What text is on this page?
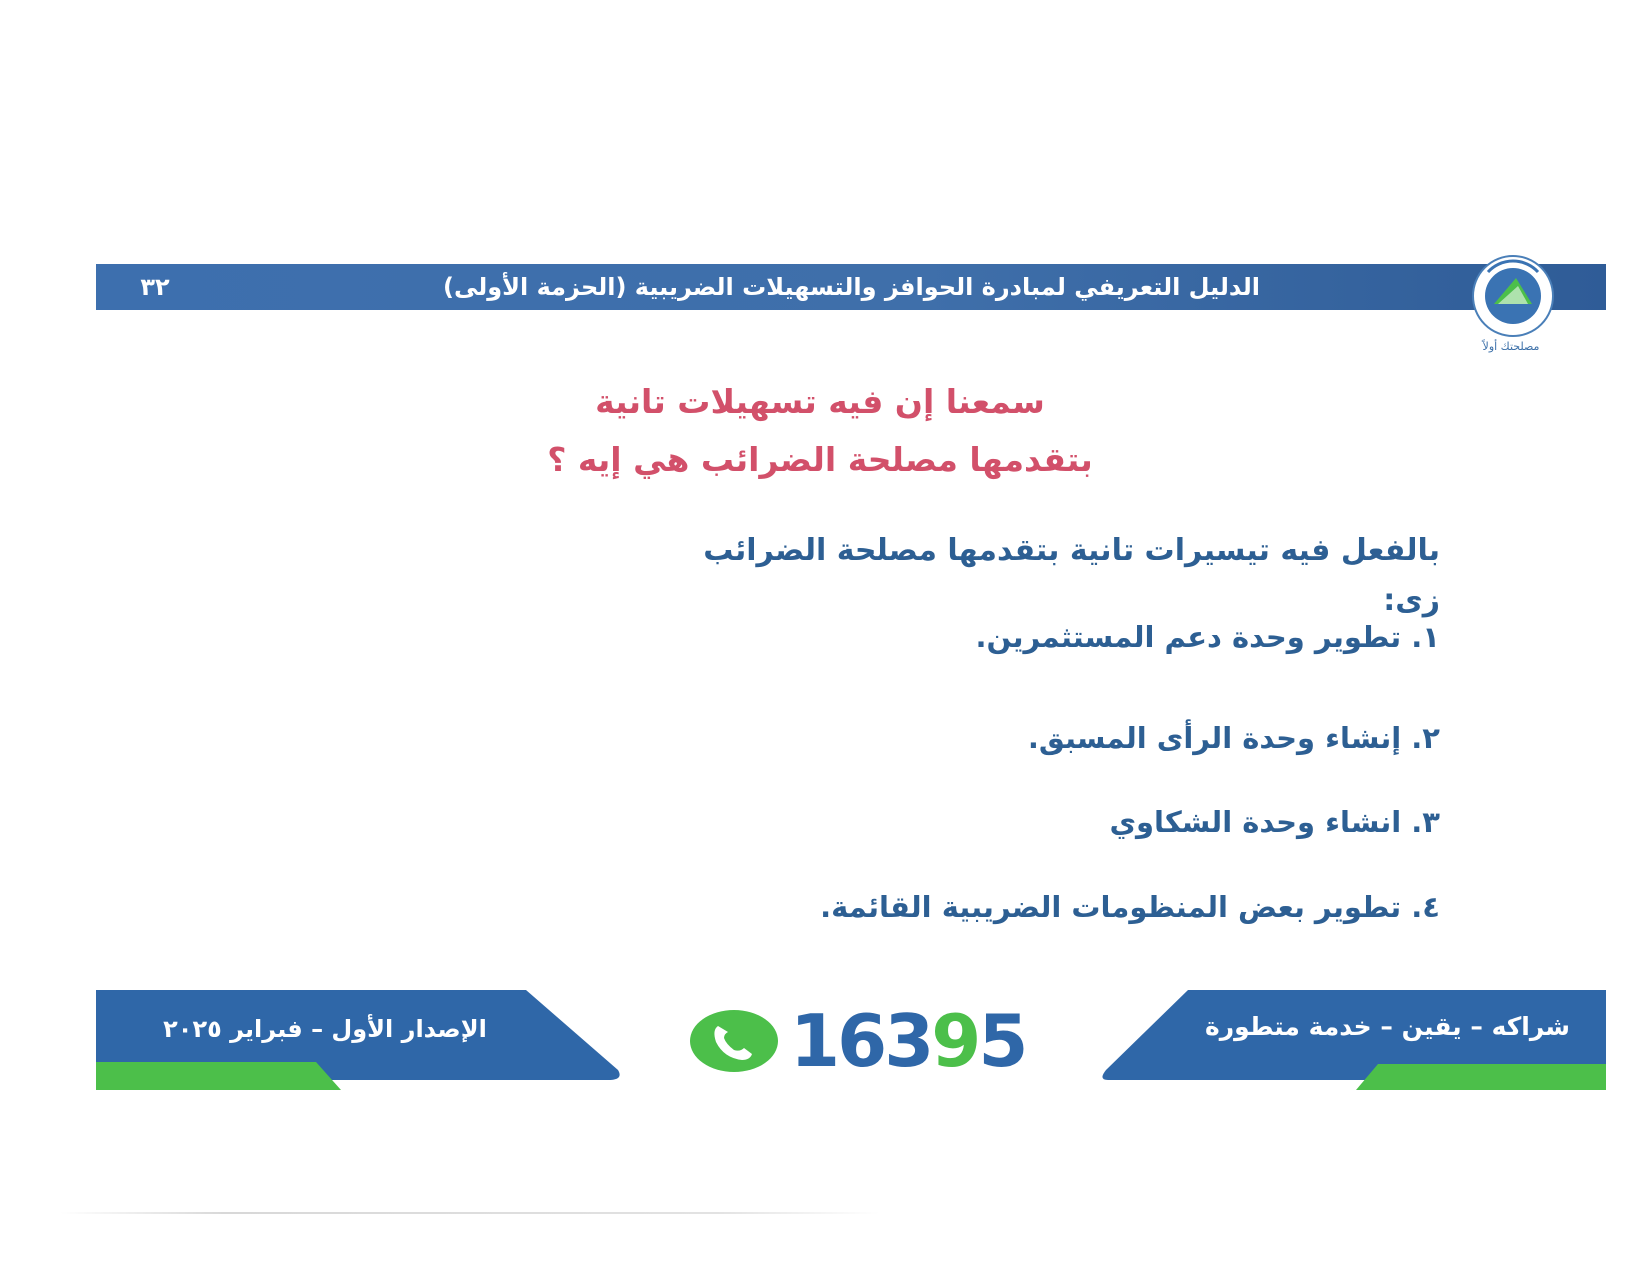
٣٢	الدليل التعريفي لمبادرة الحوافز والتسهيلات الضريبية (الحزمة الأولى)
مصلحتك أولاً
سمعنا إن فيه تسهيلات تانية
بتقدمها مصلحة الضرائب هي إيه ؟
بالفعل فيه تيسيرات تانية بتقدمها مصلحة الضرائب زى:
١. تطوير وحدة دعم المستثمرين.
٢. إنشاء وحدة الرأى المسبق.
٣. انشاء وحدة الشكاوي
٤. تطوير بعض المنظومات الضريبية القائمة.
الإصدار الأول – فبراير ٢٠٢٥	شراكه – يقين – خدمة متطورة
16395
